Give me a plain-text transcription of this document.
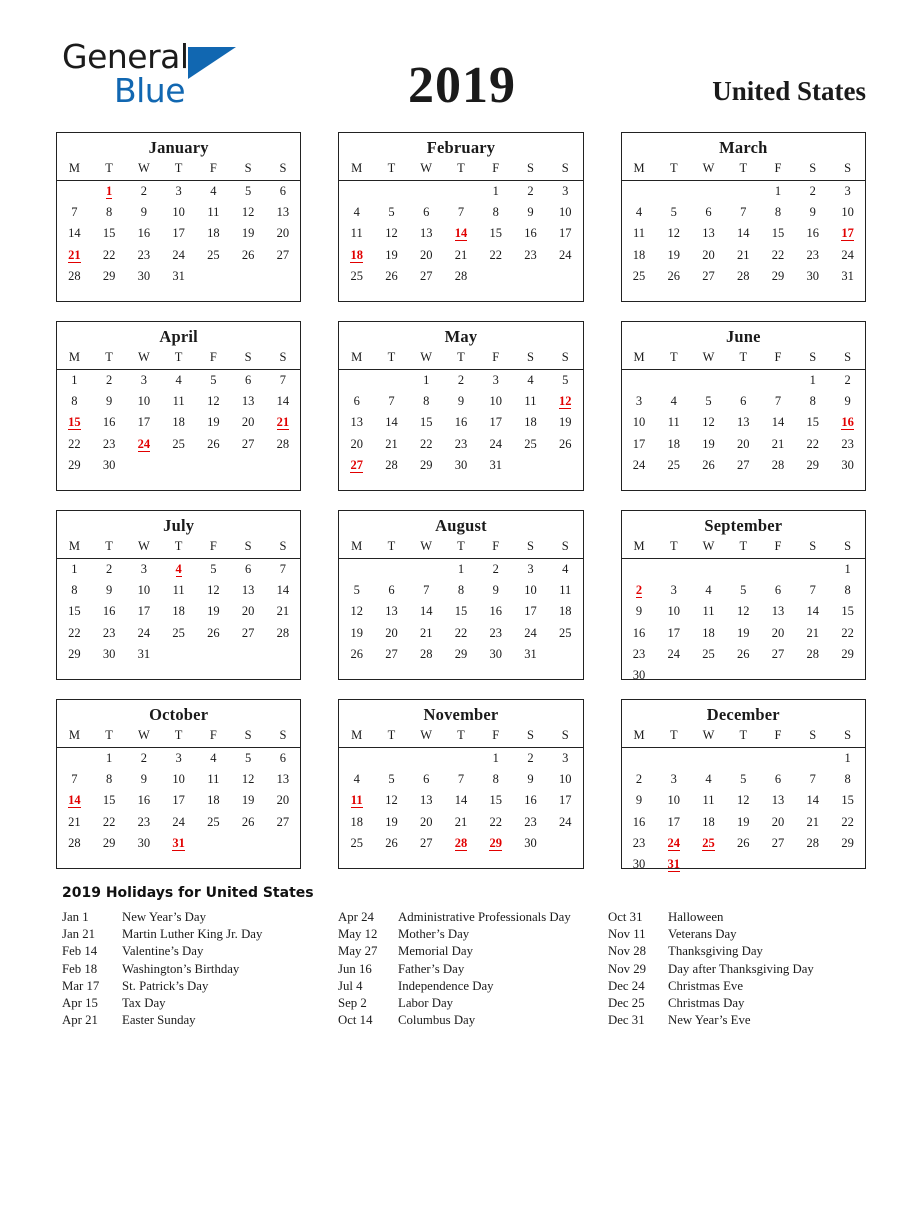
General
Blue	2019	United States
January
M	T	W	T	F	S	S
	1	2	3	4	5	6
7	8	9	10	11	12	13
14	15	16	17	18	19	20
21	22	23	24	25	26	27
28	29	30	31			

February
M	T	W	T	F	S	S
				1	2	3
4	5	6	7	8	9	10
11	12	13	14	15	16	17
18	19	20	21	22	23	24
25	26	27	28			

March
M	T	W	T	F	S	S
				1	2	3
4	5	6	7	8	9	10
11	12	13	14	15	16	17
18	19	20	21	22	23	24
25	26	27	28	29	30	31

April
M	T	W	T	F	S	S
1	2	3	4	5	6	7
8	9	10	11	12	13	14
15	16	17	18	19	20	21
22	23	24	25	26	27	28
29	30					

May
M	T	W	T	F	S	S
		1	2	3	4	5
6	7	8	9	10	11	12
13	14	15	16	17	18	19
20	21	22	23	24	25	26
27	28	29	30	31		

June
M	T	W	T	F	S	S
					1	2
3	4	5	6	7	8	9
10	11	12	13	14	15	16
17	18	19	20	21	22	23
24	25	26	27	28	29	30

July
M	T	W	T	F	S	S
1	2	3	4	5	6	7
8	9	10	11	12	13	14
15	16	17	18	19	20	21
22	23	24	25	26	27	28
29	30	31				

August
M	T	W	T	F	S	S
			1	2	3	4
5	6	7	8	9	10	11
12	13	14	15	16	17	18
19	20	21	22	23	24	25
26	27	28	29	30	31	

September
M	T	W	T	F	S	S
						1
2	3	4	5	6	7	8
9	10	11	12	13	14	15
16	17	18	19	20	21	22
23	24	25	26	27	28	29
30						
October
M	T	W	T	F	S	S
	1	2	3	4	5	6
7	8	9	10	11	12	13
14	15	16	17	18	19	20
21	22	23	24	25	26	27
28	29	30	31			

November
M	T	W	T	F	S	S
				1	2	3
4	5	6	7	8	9	10
11	12	13	14	15	16	17
18	19	20	21	22	23	24
25	26	27	28	29	30	

December
M	T	W	T	F	S	S
						1
2	3	4	5	6	7	8
9	10	11	12	13	14	15
16	17	18	19	20	21	22
23	24	25	26	27	28	29
30	31					
2019 Holidays for United States
Jan 1	New Year’s Day
Jan 21	Martin Luther King Jr. Day
Feb 14	Valentine’s Day
Feb 18	Washington’s Birthday
Mar 17	St. Patrick’s Day
Apr 15	Tax Day
Apr 21	Easter Sunday
Apr 24	Administrative Professionals Day
May 12	Mother’s Day
May 27	Memorial Day
Jun 16	Father’s Day
Jul 4	Independence Day
Sep 2	Labor Day
Oct 14	Columbus Day
Oct 31	Halloween
Nov 11	Veterans Day
Nov 28	Thanksgiving Day
Nov 29	Day after Thanksgiving Day
Dec 24	Christmas Eve
Dec 25	Christmas Day
Dec 31	New Year’s Eve
